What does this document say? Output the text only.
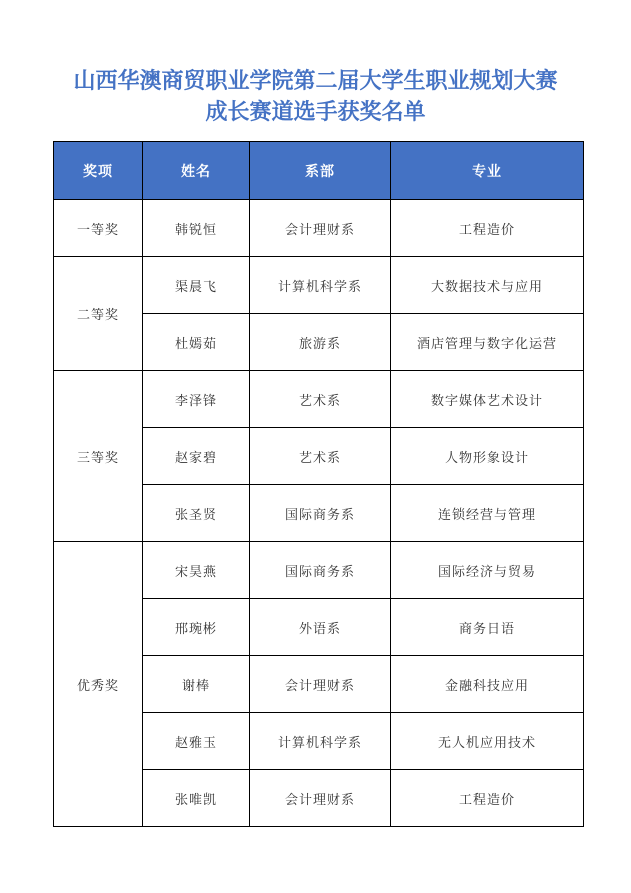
山西华澳商贸职业学院第二届大学生职业规划大赛
成长赛道选手获奖名单
奖项	姓名	系部	专业
一等奖	韩锐恒	会计理财系	工程造价
二等奖	渠晨飞	计算机科学系	大数据技术与应用
	杜嫣茹	旅游系	酒店管理与数字化运营
三等奖	李泽锋	艺术系	数字媒体艺术设计
	赵家碧	艺术系	人物形象设计
	张圣贤	国际商务系	连锁经营与管理
优秀奖	宋昊燕	国际商务系	国际经济与贸易
	邢琬彬	外语系	商务日语
	谢棒	会计理财系	金融科技应用
	赵雅玉	计算机科学系	无人机应用技术
	张唯凯	会计理财系	工程造价
